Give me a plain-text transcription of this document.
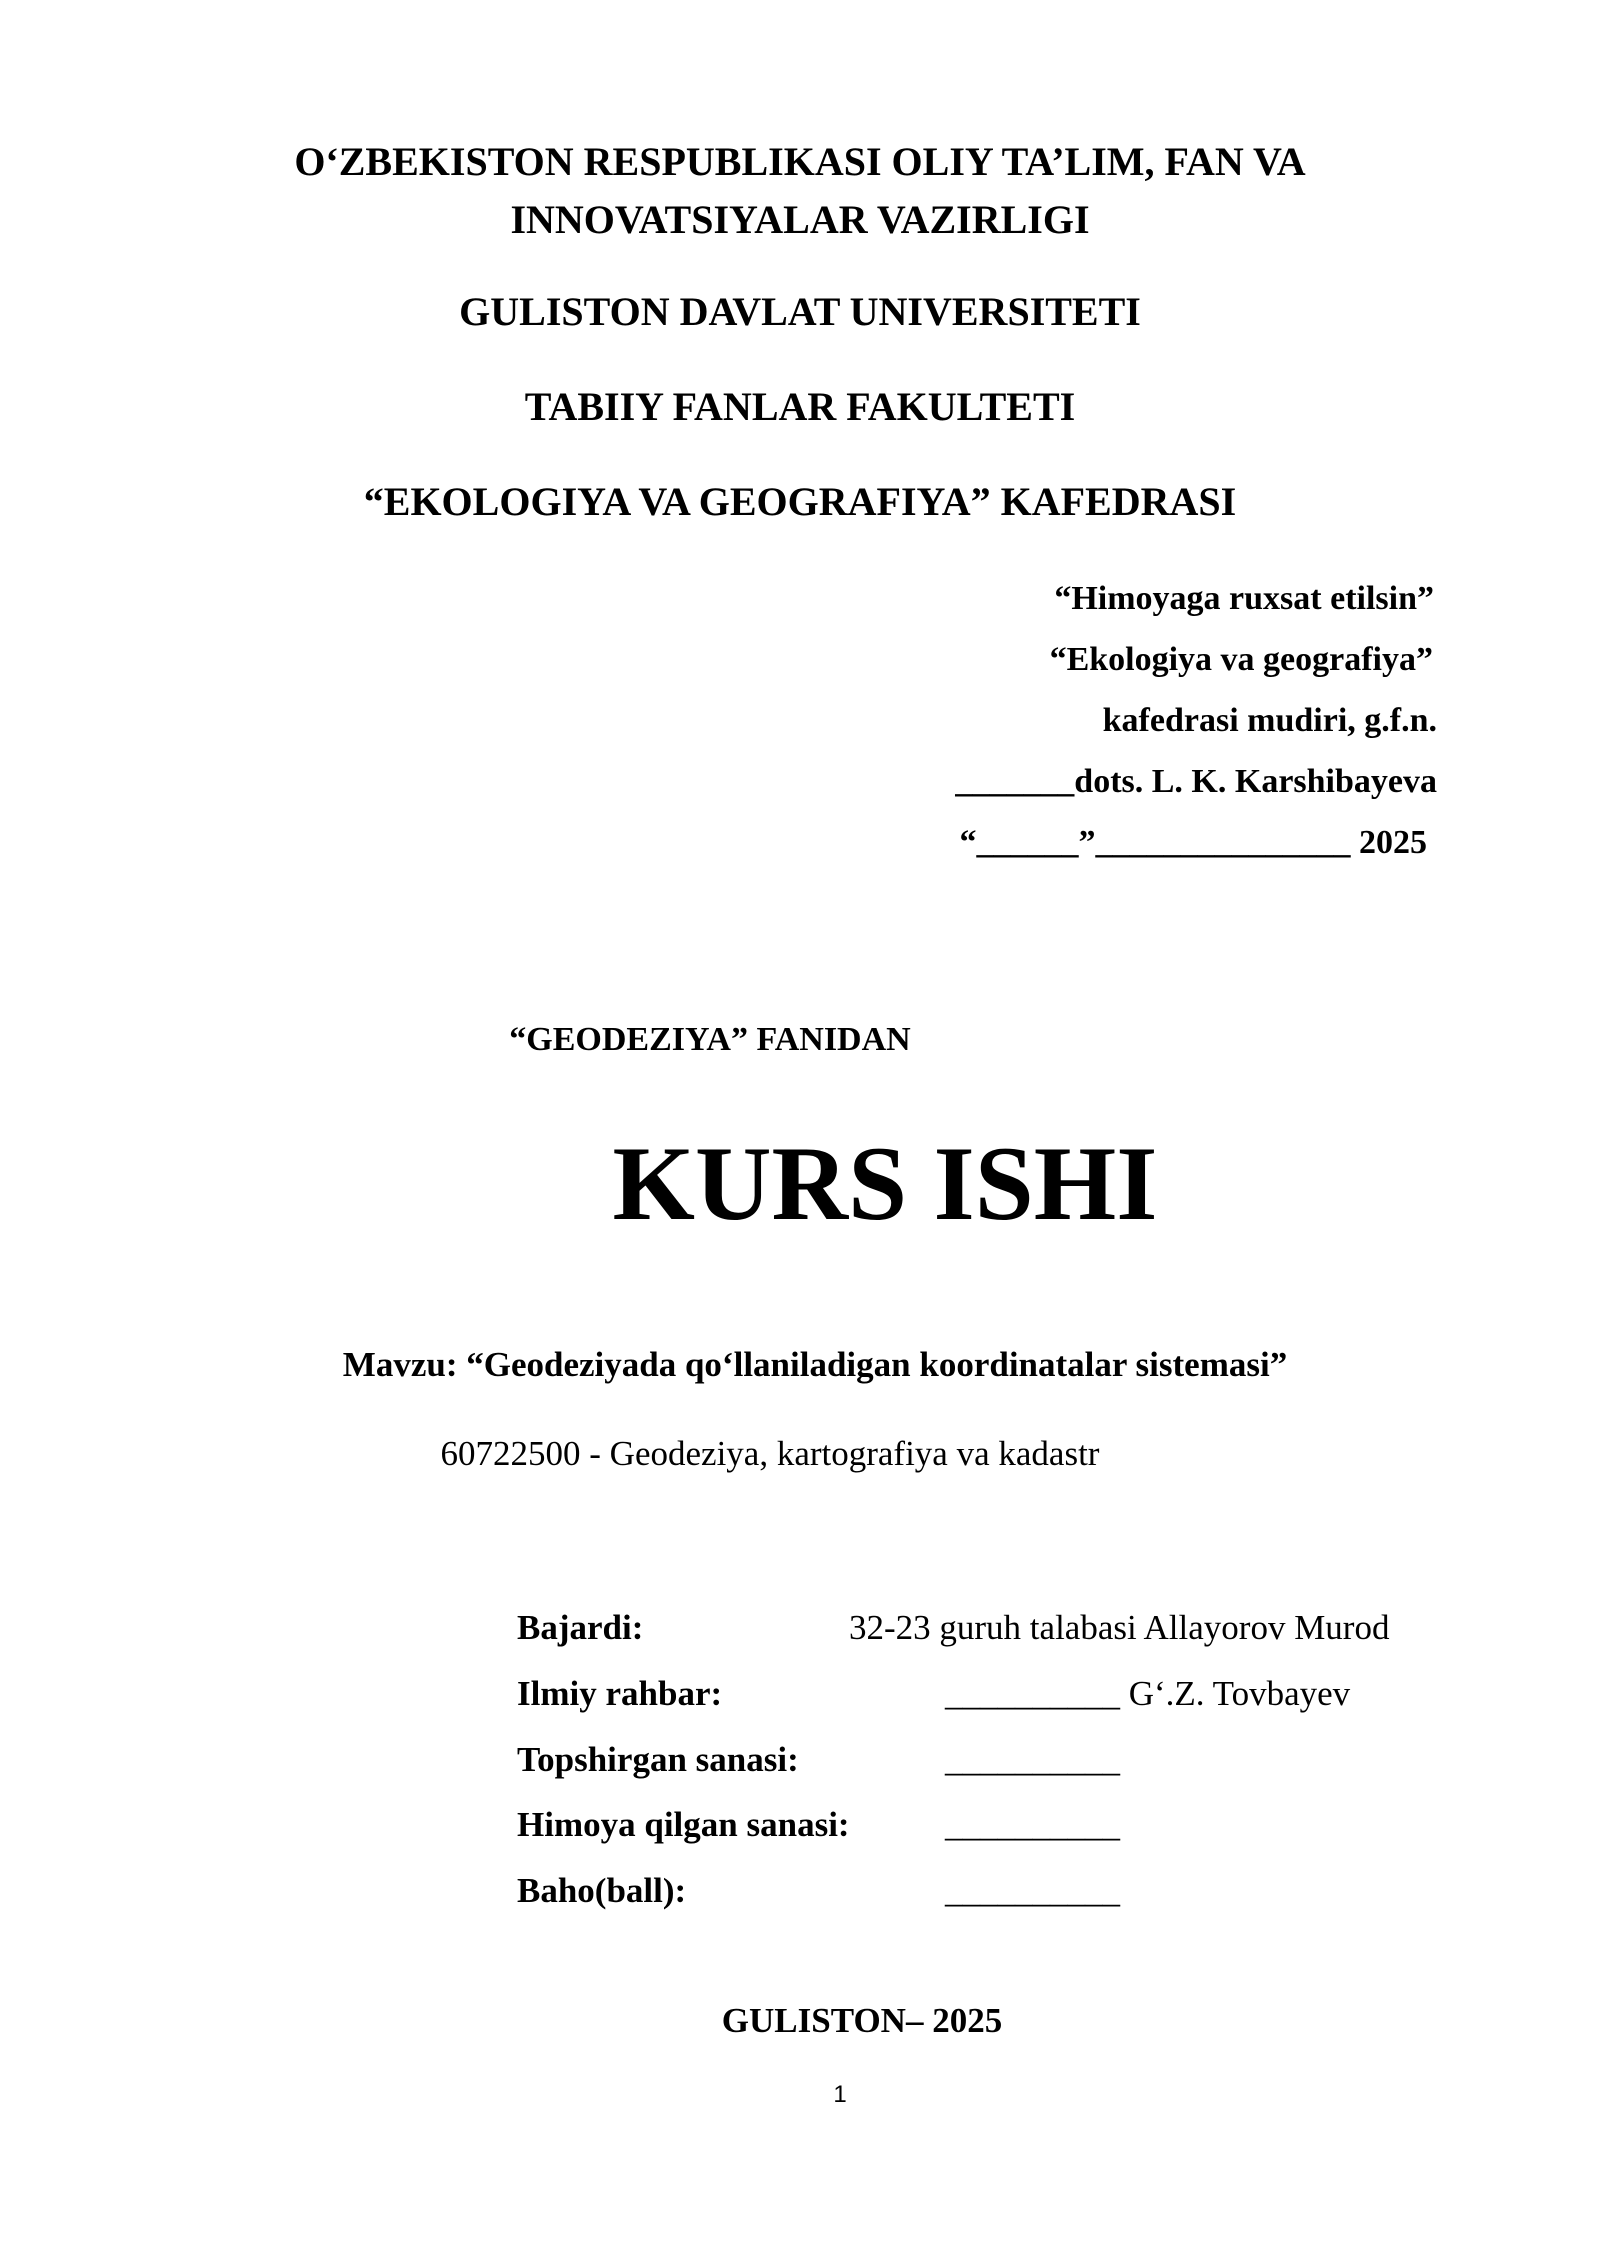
O‘ZBEKISTON RESPUBLIKASI OLIY TA’LIM, FAN VA
INNOVATSIYALAR VAZIRLIGI
GULISTON DAVLAT UNIVERSITETI
TABIIY FANLAR FAKULTETI
“EKOLOGIYA VA GEOGRAFIYA” KAFEDRASI
“Himoyaga ruxsat etilsin”
“Ekologiya va geografiya”
kafedrasi mudiri, g.f.n.
_______dots. L. K. Karshibayeva
“______”_______________ 2025
“GEODEZIYA” FANIDAN
KURS ISHI
Mavzu: “Geodeziyada qo‘llaniladigan koordinatalar sistemasi”
60722500 - Geodeziya, kartografiya va kadastr
Bajardi:	32-23 guruh talabasi Allayorov Murod
Ilmiy rahbar:	__________ G‘.Z. Tovbayev
Topshirgan sanasi:	__________
Himoya qilgan sanasi:	__________
Baho(ball):	__________
GULISTON– 2025
1
